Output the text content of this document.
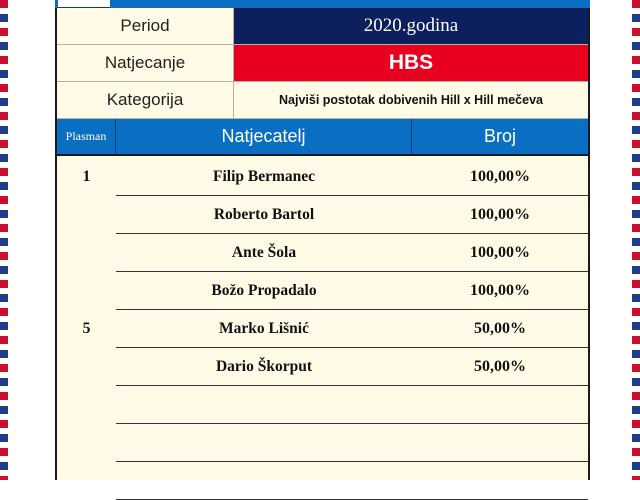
Period	2020.godina
Natjecanje	HBS
Kategorija	Najviši postotak dobivenih Hill x Hill mečeva
Plasman	Natjecatelj	Broj
1	Filip Bermanec	100,00%
Roberto Bartol	100,00%
Ante Šola	100,00%
Božo Propadalo	100,00%
5	Marko Lišnić	50,00%
Dario Škorput	50,00%
